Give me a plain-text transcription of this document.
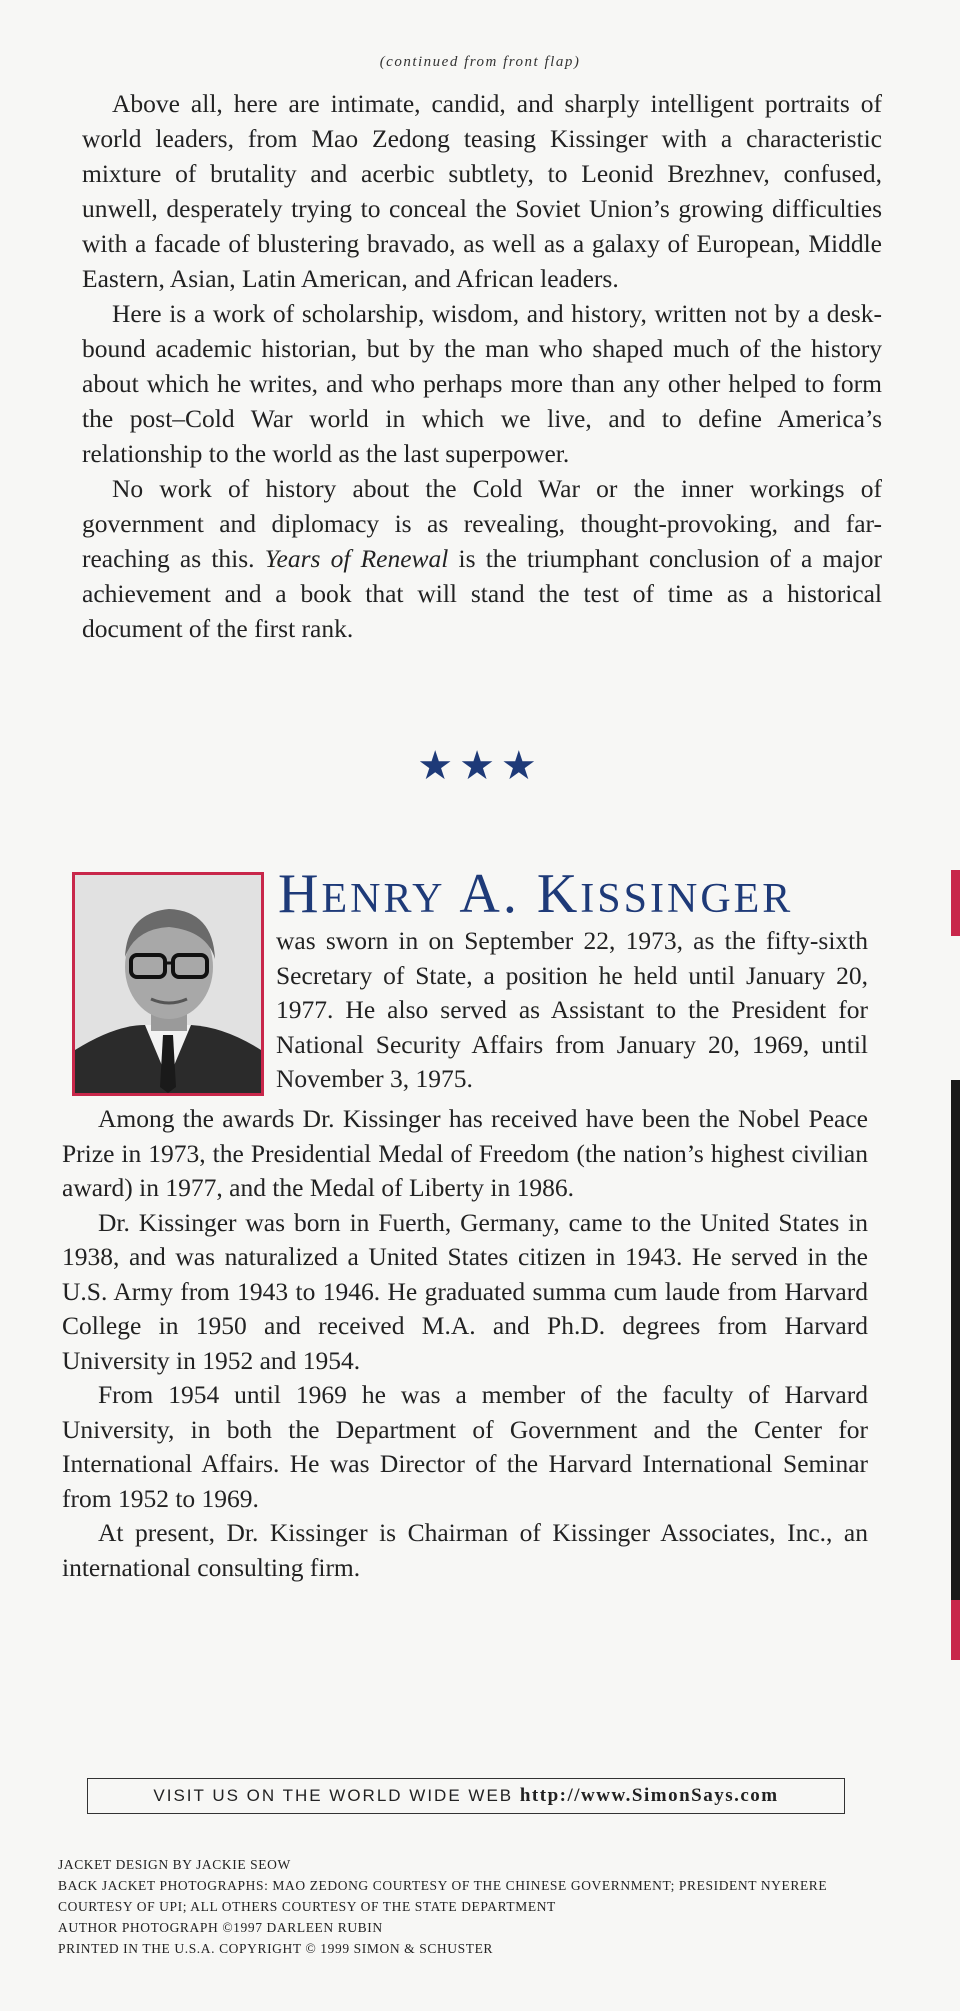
(continued from front flap)

Above all, here are intimate, candid, and sharply intelligent portraits of world leaders, from Mao Zedong teasing Kissinger with a characteristic mixture of brutality and acerbic subtlety, to Leonid Brezhnev, confused, unwell, desperately trying to conceal the Soviet Union’s growing difficulties with a facade of blustering bravado, as well as a galaxy of European, Middle Eastern, Asian, Latin American, and African leaders.

Here is a work of scholarship, wisdom, and history, written not by a desk-bound academic historian, but by the man who shaped much of the history about which he writes, and who perhaps more than any other helped to form the post–Cold War world in which we live, and to define America’s relationship to the world as the last superpower.

No work of history about the Cold War or the inner workings of government and diplomacy is as revealing, thought-provoking, and far-reaching as this. Years of Renewal is the triumphant conclusion of a major achievement and a book that will stand the test of time as a historical document of the first rank.

★★★
HENRY A. KISSINGER
was sworn in on September 22, 1973, as the fifty-sixth Secretary of State, a position he held until January 20, 1977. He also served as Assistant to the President for National Security Affairs from January 20, 1969, until November 3, 1975.

Among the awards Dr. Kissinger has received have been the Nobel Peace Prize in 1973, the Presidential Medal of Freedom (the nation’s highest civilian award) in 1977, and the Medal of Liberty in 1986.

Dr. Kissinger was born in Fuerth, Germany, came to the United States in 1938, and was naturalized a United States citizen in 1943. He served in the U.S. Army from 1943 to 1946. He graduated summa cum laude from Harvard College in 1950 and received M.A. and Ph.D. degrees from Harvard University in 1952 and 1954.

From 1954 until 1969 he was a member of the faculty of Harvard University, in both the Department of Government and the Center for International Affairs. He was Director of the Harvard International Seminar from 1952 to 1969.

At present, Dr. Kissinger is Chairman of Kissinger Associates, Inc., an international consulting firm.

VISIT US ON THE WORLD WIDE WEB http://www.SimonSays.com
JACKET DESIGN BY JACKIE SEOW
BACK JACKET PHOTOGRAPHS: MAO ZEDONG COURTESY OF THE CHINESE GOVERNMENT; PRESIDENT NYERERE COURTESY OF UPI; ALL OTHERS COURTESY OF THE STATE DEPARTMENT
AUTHOR PHOTOGRAPH ©1997 DARLEEN RUBIN
PRINTED IN THE U.S.A. COPYRIGHT © 1999 SIMON & SCHUSTER
